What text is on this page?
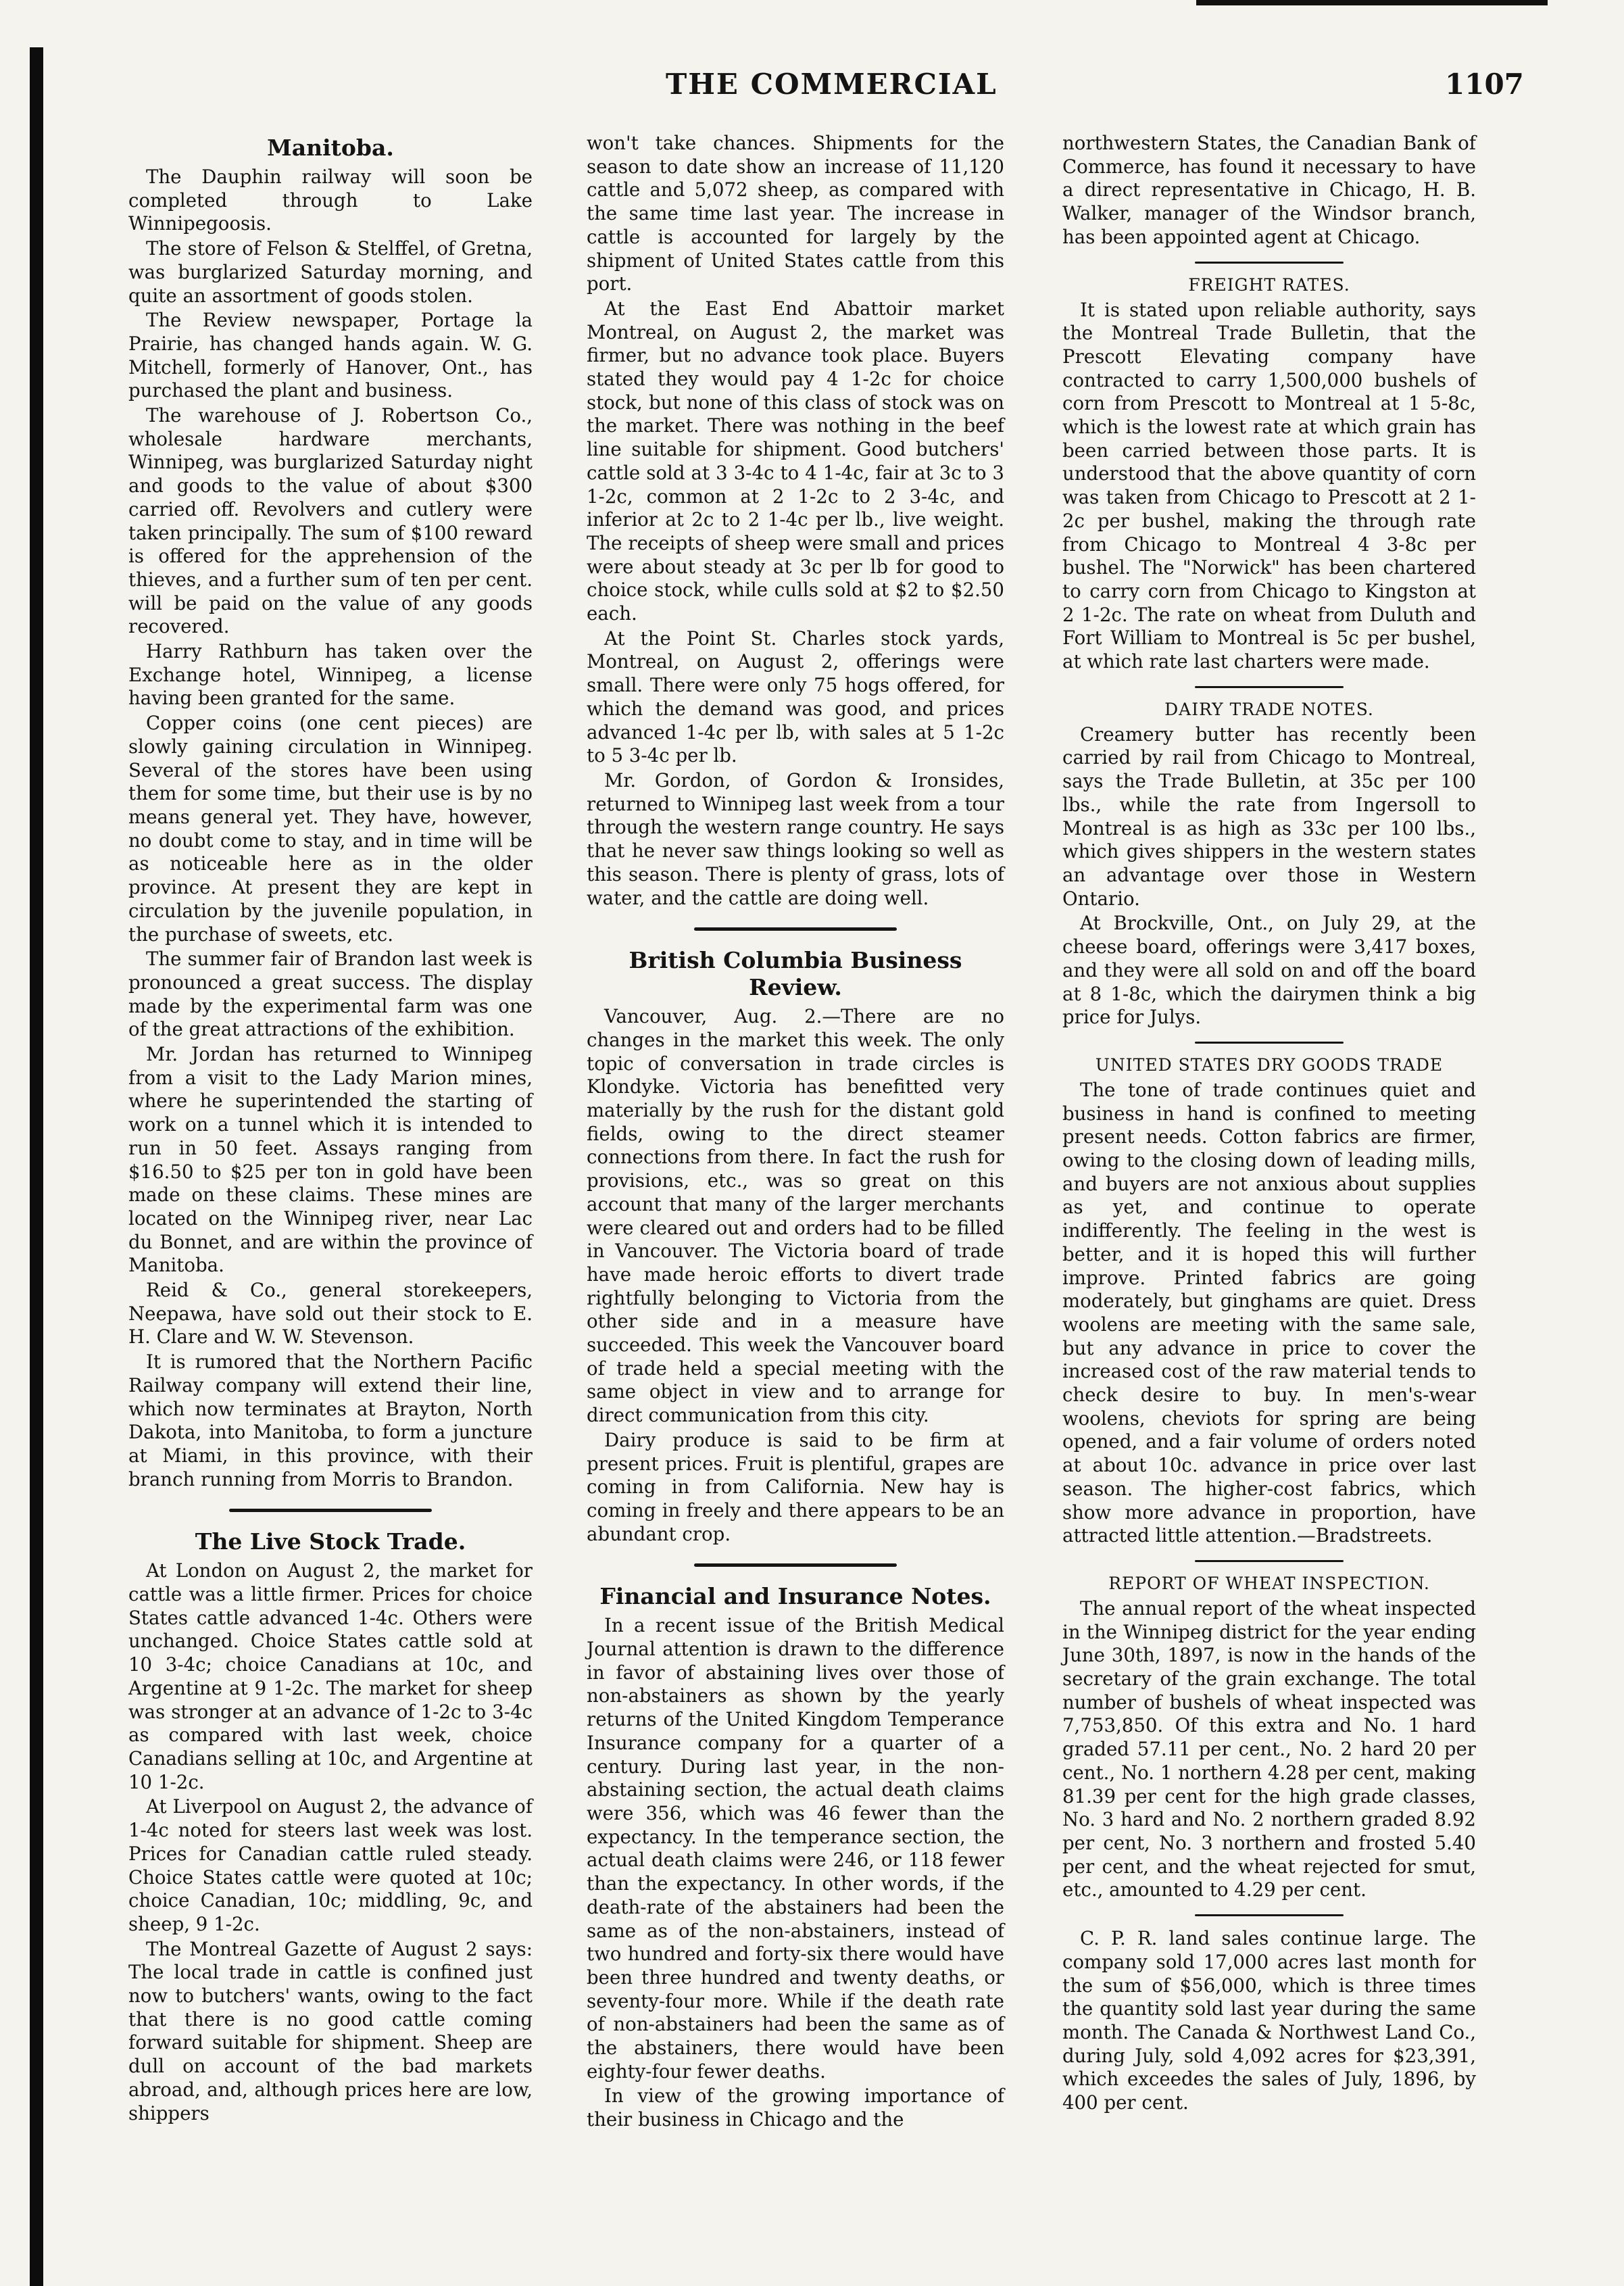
THE COMMERCIAL	1107
Manitoba.

The Dauphin railway will soon be completed through to Lake Winnipegoosis.

The store of Felson & Stelffel, of Gretna, was burglarized Saturday morning, and quite an assortment of goods stolen.

The Review newspaper, Portage la Prairie, has changed hands again. W. G. Mitchell, formerly of Hanover, Ont., has purchased the plant and business.

The warehouse of J. Robertson Co., wholesale hardware merchants, Winnipeg, was burglarized Saturday night and goods to the value of about $300 carried off. Revolvers and cutlery were taken principally. The sum of $100 reward is offered for the apprehension of the thieves, and a further sum of ten per cent. will be paid on the value of any goods recovered.

Harry Rathburn has taken over the Exchange hotel, Winnipeg, a license having been granted for the same.

Copper coins (one cent pieces) are slowly gaining circulation in Winnipeg. Several of the stores have been using them for some time, but their use is by no means general yet. They have, however, no doubt come to stay, and in time will be as noticeable here as in the older province. At present they are kept in circulation by the juvenile population, in the purchase of sweets, etc.

The summer fair of Brandon last week is pronounced a great success. The display made by the experimental farm was one of the great attractions of the exhibition.

Mr. Jordan has returned to Winnipeg from a visit to the Lady Marion mines, where he superintended the starting of work on a tunnel which it is intended to run in 50 feet. Assays ranging from $16.50 to $25 per ton in gold have been made on these claims. These mines are located on the Winnipeg river, near Lac du Bonnet, and are within the province of Manitoba.

Reid & Co., general storekeepers, Neepawa, have sold out their stock to E. H. Clare and W. W. Stevenson.

It is rumored that the Northern Pacific Railway company will extend their line, which now terminates at Brayton, North Dakota, into Manitoba, to form a juncture at Miami, in this province, with their branch running from Morris to Brandon.

The Live Stock Trade.

At London on August 2, the market for cattle was a little firmer. Prices for choice States cattle advanced 1-4c. Others were unchanged. Choice States cattle sold at 10 3-4c; choice Canadians at 10c, and Argentine at 9 1-2c. The market for sheep was stronger at an advance of 1-2c to 3-4c as compared with last week, choice Canadians selling at 10c, and Argentine at 10 1-2c.

At Liverpool on August 2, the advance of 1-4c noted for steers last week was lost. Prices for Canadian cattle ruled steady. Choice States cattle were quoted at 10c; choice Canadian, 10c; middling, 9c, and sheep, 9 1-2c.

The Montreal Gazette of August 2 says: The local trade in cattle is confined just now to butchers' wants, owing to the fact that there is no good cattle coming forward suitable for shipment. Sheep are dull on account of the bad markets abroad, and, although prices here are low, shippers

won't take chances. Shipments for the season to date show an increase of 11,120 cattle and 5,072 sheep, as compared with the same time last year. The increase in cattle is accounted for largely by the shipment of United States cattle from this port.

At the East End Abattoir market Montreal, on August 2, the market was firmer, but no advance took place. Buyers stated they would pay 4 1-2c for choice stock, but none of this class of stock was on the market. There was nothing in the beef line suitable for shipment. Good butchers' cattle sold at 3 3-4c to 4 1-4c, fair at 3c to 3 1-2c, common at 2 1-2c to 2 3-4c, and inferior at 2c to 2 1-4c per lb., live weight. The receipts of sheep were small and prices were about steady at 3c per lb for good to choice stock, while culls sold at $2 to $2.50 each.

At the Point St. Charles stock yards, Montreal, on August 2, offerings were small. There were only 75 hogs offered, for which the demand was good, and prices advanced 1-4c per lb, with sales at 5 1-2c to 5 3-4c per lb.

Mr. Gordon, of Gordon & Ironsides, returned to Winnipeg last week from a tour through the western range country. He says that he never saw things looking so well as this season. There is plenty of grass, lots of water, and the cattle are doing well.

British Columbia Business Review.

Vancouver, Aug. 2.—There are no changes in the market this week. The only topic of conversation in trade circles is Klondyke. Victoria has benefitted very materially by the rush for the distant gold fields, owing to the direct steamer connections from there. In fact the rush for provisions, etc., was so great on this account that many of the larger merchants were cleared out and orders had to be filled in Vancouver. The Victoria board of trade have made heroic efforts to divert trade rightfully belonging to Victoria from the other side and in a measure have succeeded. This week the Vancouver board of trade held a special meeting with the same object in view and to arrange for direct communication from this city.

Dairy produce is said to be firm at present prices. Fruit is plentiful, grapes are coming in from California. New hay is coming in freely and there appears to be an abundant crop.

Financial and Insurance Notes.

In a recent issue of the British Medical Journal attention is drawn to the difference in favor of abstaining lives over those of non-abstainers as shown by the yearly returns of the United Kingdom Temperance Insurance company for a quarter of a century. During last year, in the non-abstaining section, the actual death claims were 356, which was 46 fewer than the expectancy. In the temperance section, the actual death claims were 246, or 118 fewer than the expectancy. In other words, if the death-rate of the abstainers had been the same as of the non-abstainers, instead of two hundred and forty-six there would have been three hundred and twenty deaths, or seventy-four more. While if the death rate of non-abstainers had been the same as of the abstainers, there would have been eighty-four fewer deaths.

In view of the growing importance of their business in Chicago and the

northwestern States, the Canadian Bank of Commerce, has found it necessary to have a direct representative in Chicago, H. B. Walker, manager of the Windsor branch, has been appointed agent at Chicago.

FREIGHT RATES.

It is stated upon reliable authority, says the Montreal Trade Bulletin, that the Prescott Elevating company have contracted to carry 1,500,000 bushels of corn from Prescott to Montreal at 1 5-8c, which is the lowest rate at which grain has been carried between those parts. It is understood that the above quantity of corn was taken from Chicago to Prescott at 2 1-2c per bushel, making the through rate from Chicago to Montreal 4 3-8c per bushel. The "Norwick" has been chartered to carry corn from Chicago to Kingston at 2 1-2c. The rate on wheat from Duluth and Fort William to Montreal is 5c per bushel, at which rate last charters were made.

DAIRY TRADE NOTES.

Creamery butter has recently been carried by rail from Chicago to Montreal, says the Trade Bulletin, at 35c per 100 lbs., while the rate from Ingersoll to Montreal is as high as 33c per 100 lbs., which gives shippers in the western states an advantage over those in Western Ontario.

At Brockville, Ont., on July 29, at the cheese board, offerings were 3,417 boxes, and they were all sold on and off the board at 8 1-8c, which the dairymen think a big price for Julys.

UNITED STATES DRY GOODS TRADE

The tone of trade continues quiet and business in hand is confined to meeting present needs. Cotton fabrics are firmer, owing to the closing down of leading mills, and buyers are not anxious about supplies as yet, and continue to operate indifferently. The feeling in the west is better, and it is hoped this will further improve. Printed fabrics are going moderately, but ginghams are quiet. Dress woolens are meeting with the same sale, but any advance in price to cover the increased cost of the raw material tends to check desire to buy. In men's-wear woolens, cheviots for spring are being opened, and a fair volume of orders noted at about 10c. advance in price over last season. The higher-cost fabrics, which show more advance in proportion, have attracted little attention.—Bradstreets.

REPORT OF WHEAT INSPECTION.

The annual report of the wheat inspected in the Winnipeg district for the year ending June 30th, 1897, is now in the hands of the secretary of the grain exchange. The total number of bushels of wheat inspected was 7,753,850. Of this extra and No. 1 hard graded 57.11 per cent., No. 2 hard 20 per cent., No. 1 northern 4.28 per cent, making 81.39 per cent for the high grade classes, No. 3 hard and No. 2 northern graded 8.92 per cent, No. 3 northern and frosted 5.40 per cent, and the wheat rejected for smut, etc., amounted to 4.29 per cent.

C. P. R. land sales continue large. The company sold 17,000 acres last month for the sum of $56,000, which is three times the quantity sold last year during the same month. The Canada & Northwest Land Co., during July, sold 4,092 acres for $23,391, which exceedes the sales of July, 1896, by 400 per cent.
